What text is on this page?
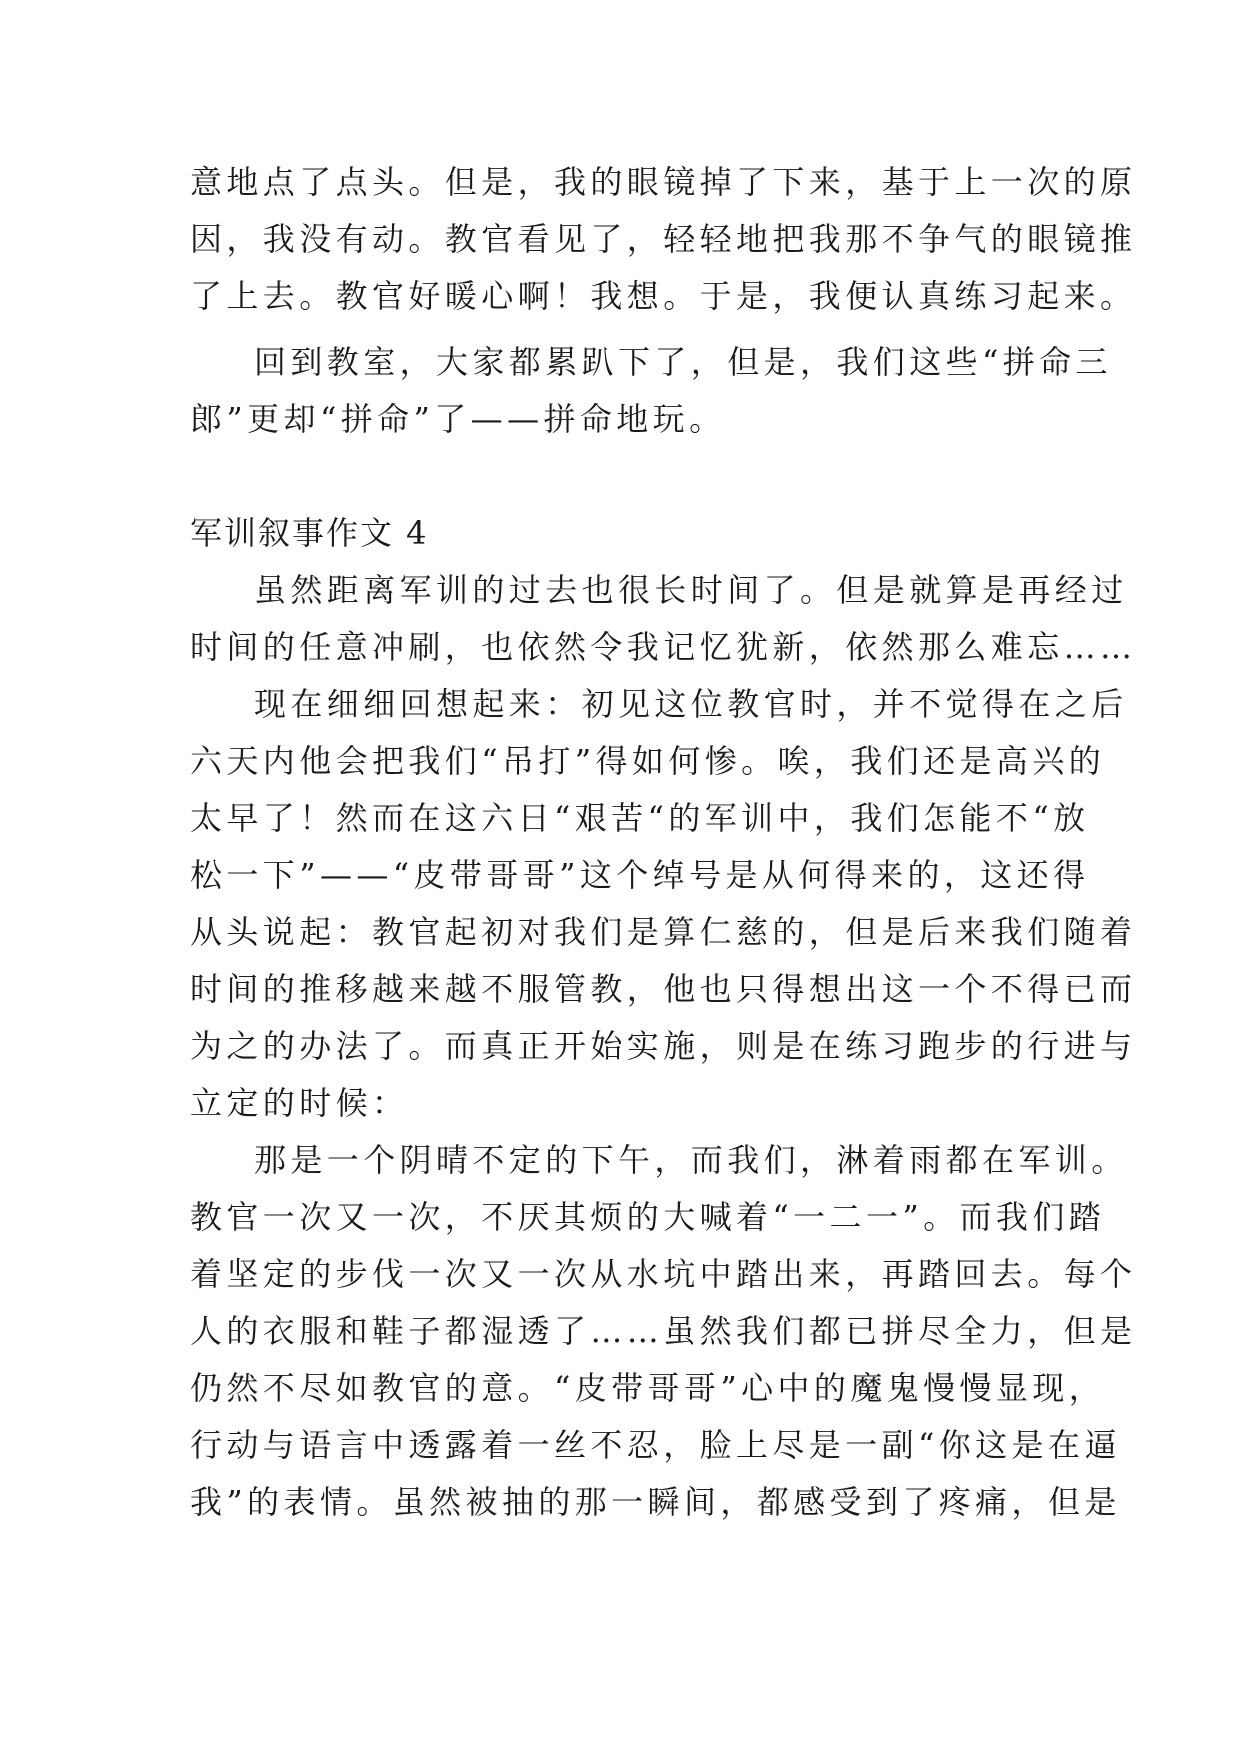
意地点了点头。但是，我的眼镜掉了下来，基于上一次的原
因，我没有动。教官看见了，轻轻地把我那不争气的眼镜推
了上去。教官好暖心啊！我想。于是，我便认真练习起来。
回到教室，大家都累趴下了，但是，我们这些“拼命三
郎”更却“拼命”了——拼命地玩。
军训叙事作文 4
虽然距离军训的过去也很长时间了。但是就算是再经过
时间的任意冲刷，也依然令我记忆犹新，依然那么难忘……
现在细细回想起来：初见这位教官时，并不觉得在之后
六天内他会把我们“吊打”得如何惨。唉，我们还是高兴的
太早了！然而在这六日“艰苦“的军训中，我们怎能不“放
松一下”——“皮带哥哥”这个绰号是从何得来的，这还得
从头说起：教官起初对我们是算仁慈的，但是后来我们随着
时间的推移越来越不服管教，他也只得想出这一个不得已而
为之的办法了。而真正开始实施，则是在练习跑步的行进与
立定的时候：
那是一个阴晴不定的下午，而我们，淋着雨都在军训。
教官一次又一次，不厌其烦的大喊着“一二一”。而我们踏
着坚定的步伐一次又一次从水坑中踏出来，再踏回去。每个
人的衣服和鞋子都湿透了……虽然我们都已拼尽全力，但是
仍然不尽如教官的意。“皮带哥哥”心中的魔鬼慢慢显现，
行动与语言中透露着一丝不忍，脸上尽是一副“你这是在逼
我”的表情。虽然被抽的那一瞬间，都感受到了疼痛，但是
